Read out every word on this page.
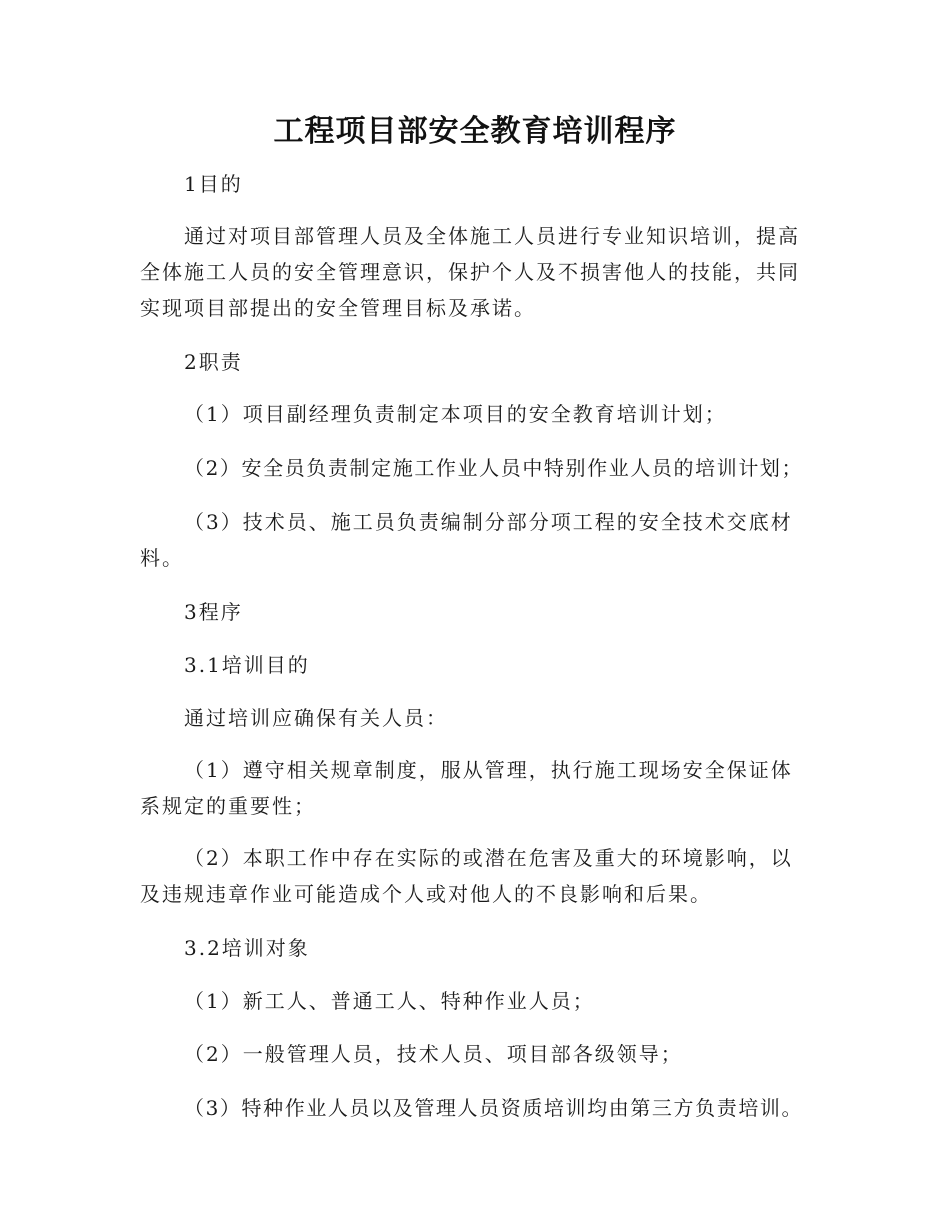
工程项目部安全教育培训程序

1目的

通过对项目部管理人员及全体施工人员进行专业知识培训，提高全体施工人员的安全管理意识，保护个人及不损害他人的技能，共同实现项目部提出的安全管理目标及承诺。

2职责

（1）项目副经理负责制定本项目的安全教育培训计划；

（2）安全员负责制定施工作业人员中特别作业人员的培训计划；

（3）技术员、施工员负责编制分部分项工程的安全技术交底材料。

3程序

3.1培训目的

通过培训应确保有关人员：

（1）遵守相关规章制度，服从管理，执行施工现场安全保证体系规定的重要性；

（2）本职工作中存在实际的或潜在危害及重大的环境影响，以及违规违章作业可能造成个人或对他人的不良影响和后果。

3.2培训对象

（1）新工人、普通工人、特种作业人员；

（2）一般管理人员，技术人员、项目部各级领导；

（3）特种作业人员以及管理人员资质培训均由第三方负责培训。
